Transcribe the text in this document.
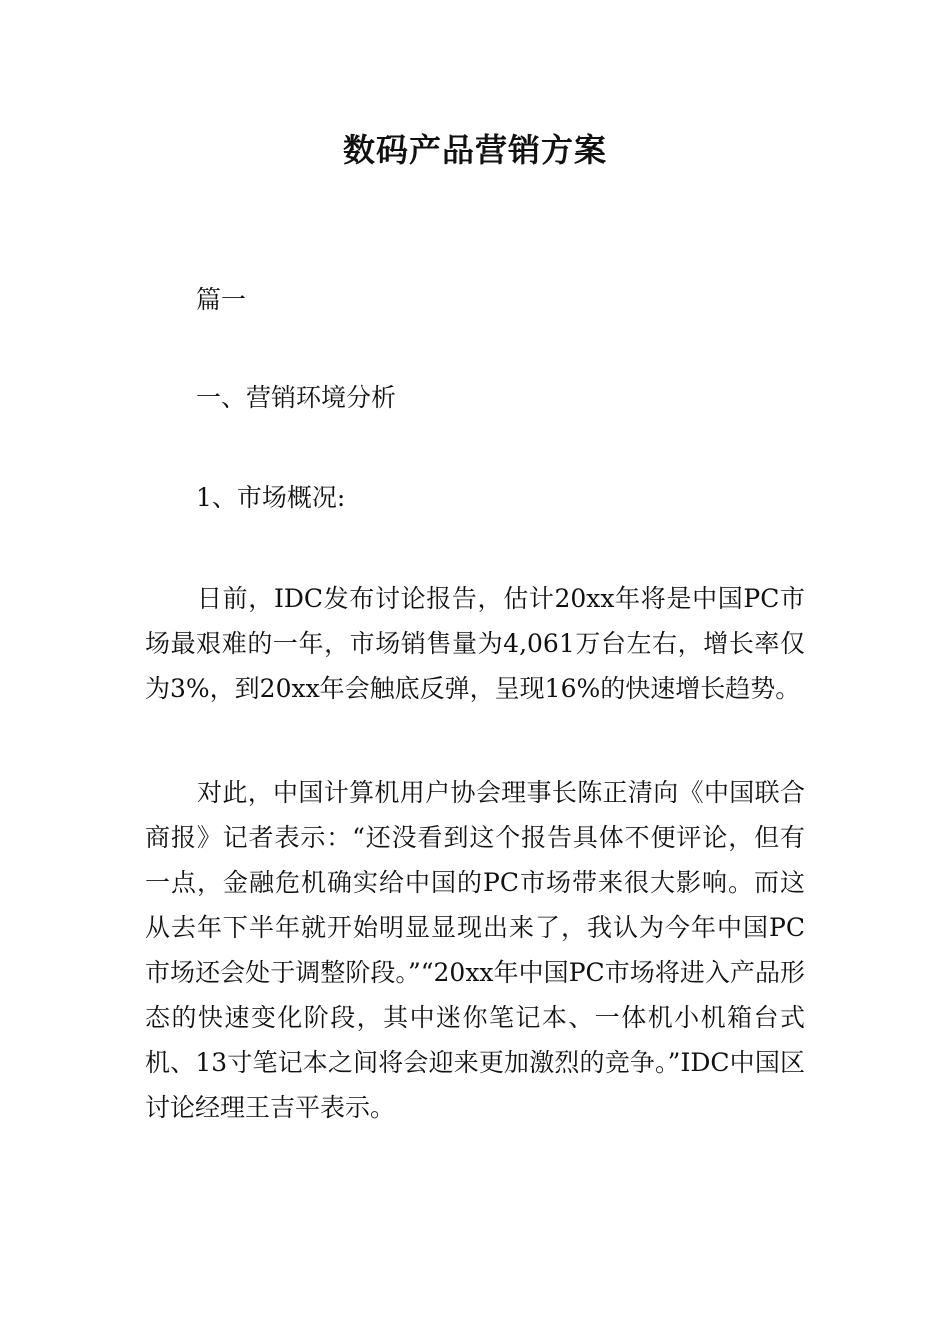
数码产品营销方案
篇一
一、营销环境分析
1、市场概况:

日前，IDC发布讨论报告，估计20xx年将是中国PC市场最艰难的一年，市场销售量为4,061万台左右，增长率仅为3%，到20xx年会触底反弹，呈现16%的快速增长趋势。

对此，中国计算机用户协会理事长陈正清向《中国联合商报》记者表示：“还没看到这个报告具体不便评论，但有一点，金融危机确实给中国的PC市场带来很大影响。而这从去年下半年就开始明显显现出来了，我认为今年中国PC市场还会处于调整阶段。”“20xx年中国PC市场将进入产品形态的快速变化阶段，其中迷你笔记本、一体机小机箱台式机、13寸笔记本之间将会迎来更加激烈的竞争。”IDC中国区讨论经理王吉平表示。
